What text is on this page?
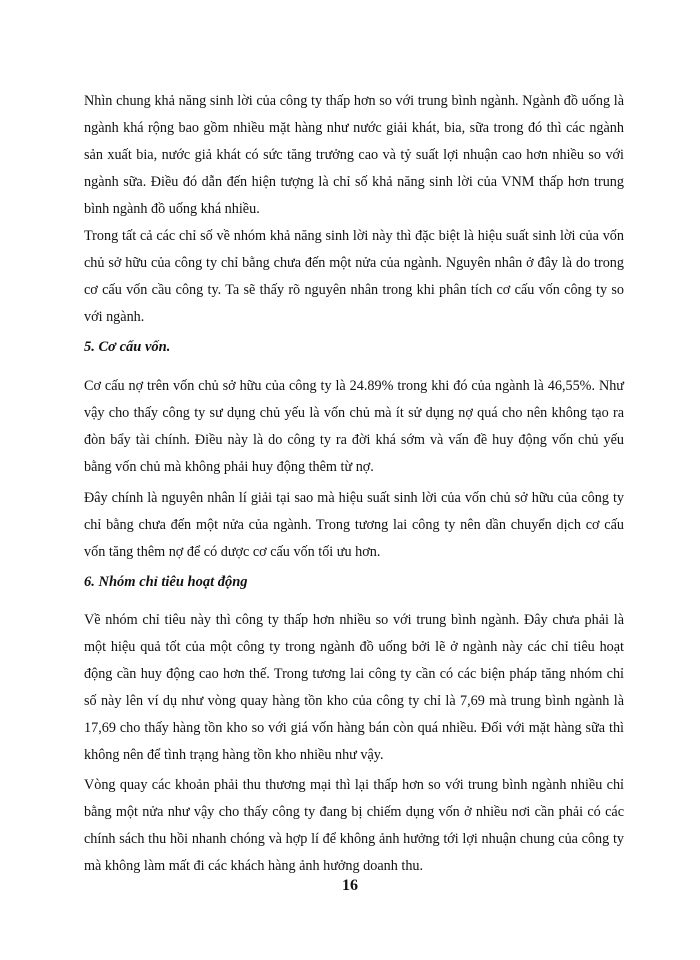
Nhìn chung khả năng sinh lời của công ty thấp hơn so với trung bình ngành. Ngành đồ uống là ngành khá rộng bao gồm nhiều mặt hàng như nước giải khát, bia, sữa trong đó thì các ngành sản xuất bia, nước giả khát có sức tăng trưởng cao và tỷ suất lợi nhuận cao hơn nhiều so với ngành sữa. Điều đó dẫn đến hiện tượng là chỉ số khả năng sinh lời của VNM thấp hơn trung bình ngành đồ uống khá nhiều.

Trong tất cả các chỉ số về nhóm khả năng sinh lời này thì đặc biệt là hiệu suất sinh lời của vốn chủ sở hữu của công ty chỉ bằng chưa đến một nửa của ngành. Nguyên nhân ở đây là do trong cơ cấu vốn cầu công ty. Ta sẽ thấy rõ nguyên nhân trong khi phân tích cơ cấu vốn công ty so với ngành.

5. Cơ cấu vốn.

Cơ cấu nợ trên vốn chủ sở hữu của công ty là 24.89% trong khi đó của ngành là 46,55%. Như vậy cho thấy công ty sư dụng chủ yếu là vốn chủ mà ít sử dụng nợ quá cho nên không tạo ra đòn bẩy tài chính. Điều này là do công ty ra đời khá sớm và vấn đề huy động vốn chủ yếu bằng vốn chủ mà không phải huy động thêm từ nợ.

Đây chính là nguyên nhân lí giải tại sao mà hiệu suất sinh lời của vốn chủ sở hữu của công ty chỉ bằng chưa đến một nửa của ngành. Trong tương lai công ty nên dần chuyển dịch cơ cấu vốn tăng thêm nợ để có dược cơ cấu vốn tối ưu hơn.

6. Nhóm chỉ tiêu hoạt động

Về nhóm chỉ tiêu này thì công ty thấp hơn nhiều so với trung bình ngành. Đây chưa phải là một hiệu quả tốt của một công ty trong ngành đồ uống bởi lẽ ở ngành này các chỉ tiêu hoạt động cần huy động cao hơn thế. Trong tương lai công ty cần có các biện pháp tăng nhóm chỉ số này lên ví dụ như vòng quay hàng tồn kho của công ty chỉ là 7,69 mà trung bình ngành là 17,69 cho thấy hàng tồn kho so với giá vốn hàng bán còn quá nhiều. Đối với mặt hàng sữa thì không nên để tình trạng hàng tồn kho nhiều như vậy.

Vòng quay các khoản phải thu thương mại thì lại thấp hơn so với trung bình ngành nhiều chỉ bằng một nửa như vậy cho thấy công ty đang bị chiếm dụng vốn ở nhiều nơi cần phải có các chính sách thu hồi nhanh chóng và hợp lí để không ảnh hưởng tới lợi nhuận chung của công ty mà không làm mất đi các khách hàng ảnh hưởng doanh thu.

16
